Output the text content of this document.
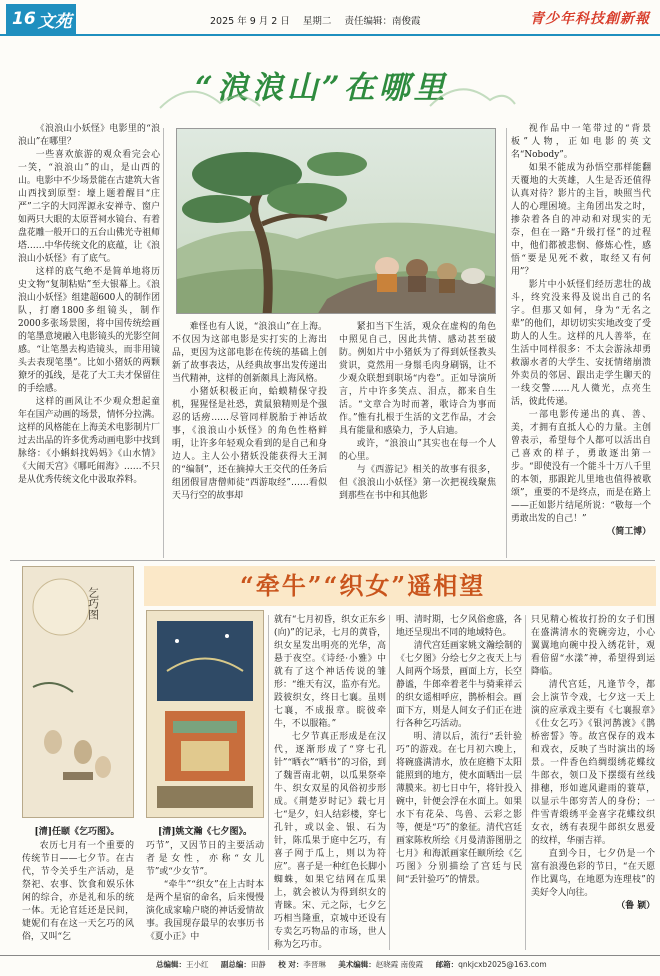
16 文苑	2025 年 9 月 2 日 星期二 责任编辑：南俊霞	青少年科技創新報
“浪浪山”在哪里

《浪浪山小妖怪》电影里的“浪浪山”在哪里？

一些喜欢旅游的观众看完会心一笑，“浪浪山”的山，是山西的山。电影中不少场景能在古建筑大省山西找到原型：壕上题着醒目“庄严”二字的大同浑源永安禅寺、窗户如两只大眼的太原晋祠水镜台、有着盘花雕一般开口的五台山佛光寺祖师塔……中华传统文化的底蕴，让《浪浪山小妖怪》有了底气。

这样的底气绝不是简单地将历史文物“复制粘贴”至大银幕上。《浪浪山小妖怪》组建超600人的制作团队，打磨1800多组镜头，制作2000多张场景图，将中国传统绘画的笔墨意境融入电影镜头的光影空间感。“让笔墨去构造镜头，而非用镜头去表现笔墨”。比如小猪妖的两颗獠牙的弧线，是花了大工夫才保留住的手绘感。

这样的画风让不少观众想起童年在国产动画的场景，情怀分拉满。这样的风格能在上海美术电影制片厂过去出品的许多优秀动画电影中找到脉络：《小蝌蚪找妈妈》《山水情》《大闹天宫》《哪吒闹海》……不只是从优秀传统文化中汲取养料。

难怪也有人说，“浪浪山”在上海。不仅因为这部电影是实打实的上海出品，更因为这部电影在传统的基础上创新了故事表达，从经典故事出发传递出当代精神，这样的创新颇具上海风格。

小猪妖积极正向，蛤蟆精保守投机，猩猩怪是社恐，黄鼠狼精则是个强忍的话痨……尽管同样脱胎于神话故事，《浪浪山小妖怪》的角色性格鲜明，让许多年轻观众看到的是自己和身边人。主人公小猪妖没能获得大王洞的“编制”，还在摘掉大王交代的任务后组团假冒唐僧师徒“西游取经”……看似天马行空的故事却

紧扣当下生活，观众在虚构的角色中照见自己，因此共情、感动甚至破防。例如片中小猪妖为了得到妖怪教头赏识，竟然用一身鬃毛肉身刷锅，让不少观众联想到职场“内卷”。正如导演所言，片中许多笑点、泪点，都来自生活。“文章合为时而著，歌诗合为事而作。”惟有扎根于生活的文艺作品，才会具有能量和感染力，予人启迪。

或许，“浪浪山”其实也在每一个人的心里。

与《西游记》相关的故事有很多，但《浪浪山小妖怪》第一次把视线聚焦到那些在书中和其他影

视作品中一笔带过的“背景板”人物，正如电影的英文名“Nobody”。

如果不能成为孙悟空那样能翻天覆地的大英雄，人生是否还值得认真对待？影片的主旨，映照当代人的心理困境。主角团出发之时，掺杂着各自的冲动和对现实的无奈，但在一路“升级打怪”的过程中，他们都被悲悯、修炼心性，感悟“要是见死不救，取经又有何用”？

影片中小妖怪们经历悲壮的战斗，终究没来得及说出自己的名字。但那又如何，身为“无名之辈”的他们，却切切实实地改变了受助人的人生。这样的凡人善举，在生活中同样很多：不太会游泳却勇救溺水者的大学生、安抚情绪崩溃外卖员的邻居、跟出走学生聊天的一线交警……凡人微光，点亮生活，彼此传递。

一部电影传递出的真、善、美，才拥有直抵人心的力量。主创曾表示，希望每个人都可以活出自己喜欢的样子，勇敢逐出第一步。“即使没有一个能斗十万八千里的本领，那跟跎儿里地也值得被歌颂”，重要的不是终点，而是在路上——正如影片结尾所说：“敬每一个勇敢出发的自己！”

（简工博）
“牵牛”“织女”遥相望
乞巧图
[清]任颐《乞巧图》。	[清]姚文瀚《七夕图》。

农历七月有一个重要的传统节日——七夕节。在古代，节令关乎生产活动，是祭祀、农事、饮食和娱乐休闲的综合，亦是礼和乐的统一体。无论官廷还是民间，婕妮们有在这一天乞巧的风俗，又叫“乞

巧节”，又因节日的主要活动者是女性，亦称“女儿节”或“少女节”。

“牵牛”“织女”在上古时本是两个星宿的命名，后来慢慢演化成家喻户晓的神话爱情故事。我国现存最早的农事历书《夏小正》中

就有“七月初昏，织女正东乡(向)”的记录，七月的黄昏，织女星发出明亮的光华，高悬于夜空。《诗经·小雅》中就有了这个神话传说的雏形：“维天有汉，监亦有光。跂彼织女，终日七襄。虽则七襄，不成报章。睆彼牵牛，不以服箱。”

七夕节真正形成是在汉代，逐渐形成了“穿七孔针”“晒衣”“晒书”的习俗，到了魏晋南北朝，以瓜果祭牵牛、织女双星的风俗初步形成。《荆楚岁时记》载七月七“是夕，妇人结彩楼，穿七孔针，或以金、银、石为针，陈瓜果于庭中乞巧，有喜子网于瓜上，则以为符应”。喜子是一种红色长脚小蜘蛛，如果它结网在瓜果上，就会被认为得到织女的青睐。宋、元之际，七夕乞巧相当隆重，京城中还设有专卖乞巧物品的市场，世人称为乞巧市。

明、清时期，七夕风俗愈盛，各地还呈现出不同的地域特色。

清代宫廷画家姚文瀚绘制的《七夕图》分绘七夕之夜天上与人间两个场景，画面上方，长空静谧，牛郎牵着老牛与骑乘祥云的织女遥相呼应，鹊桥相会。画面下方，则是人间女子们正在进行各种乞巧活动。

明、清以后，流行“丢针验巧”的游戏。在七月初六晚上，将碗盛满清水，放在庭檐下太阳能照到的地方，使水面晒出一层薄膜来。初七日中午，将针投入碗中，针便会浮在水面上。如果水下有花朵、鸟兽、云彩之影等，便是“巧”的象征。清代宫廷画家陈枚所绘《月曼清游图册之七月》和海派画家任颐所绘《乞巧图》分别描绘了宫廷与民间“丢针验巧”的情景。

只见精心梳妆打扮的女子们围在盛满清水的瓷碗旁边，小心翼翼地向碗中投入绣花针，观看倍留“水漾”神，希望得到运降临。

清代宫廷，凡逢节令，都会上演节令戏，七夕这一天上演的应承戏主要有《七襄报章》《仕女乞巧》《银河鹊渡》《鹊桥密誓》等。故宫保存的戏本和戏衣，反映了当时演出的场景。一件香色绉绸缀绣花蝶纹牛郎衣，领口及下摆缀有丝线排穗，形如遮风避雨的蓑草，以显示牛郎穷苦人的身份；一件雪青缎绣平金喜字花蝶纹织女衣，绣有表现牛郎织女恩爱的纹样，华丽吉祥。

直到今日，七夕仍是一个富有浪漫色彩的节日，“在天愿作比翼鸟，在地愿为连理枝”的美好令人向往。

（鲁 颖）
总编辑：王小红 副总编：田静 校 对：李晋琳 美术编辑：赵晓霞 南俊霞 邮箱：qnkjcxb2025@163.com
